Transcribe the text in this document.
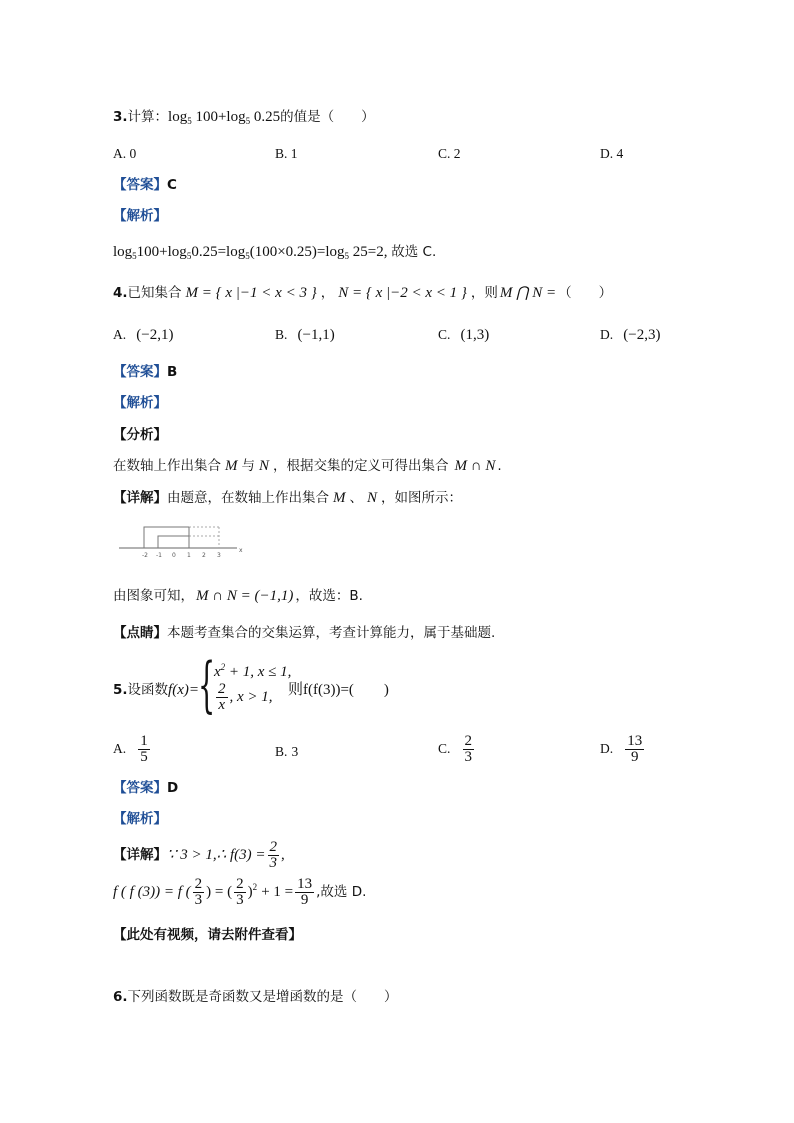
3.计算：$\log_5 100+\log_5$ 0.25的值是（　　）
A. 0	B. 1	C. 2	D. 4
【答案】C
【解析】
$\log_5100+\log_50.25=\log_5(100\times 0.25)=\log_5$ 25=2, 故选 C.
4.已知集合 M = { x |−1 < x < 3 } ， N = { x |−2 < x < 1 } ，则 M ⋂ N = （　　）
A. (−2,1)	B. (−1,1)	C. (1,3)	D. (−2,3)
【答案】B
【解析】
【分析】
在数轴上作出集合 M 与 N ，根据交集的定义可得出集合 M ∩ N .
【详解】由题意，在数轴上作出集合 M 、 N ，如图所示：
-2 -1 0 1 2 3
x
由图象可知， M ∩ N = (−1,1) ，故选：B.
【点睛】本题考查集合的交集运算，考查计算能力，属于基础题.
5.设函数f(x)= {
$x^2 + 1$, x ≤ 1,
$\frac{2}{x}$ , x > 1, 则f(f(3))=(　　)
A. $\frac{1}{5}$	B. 3	C. $\frac{2}{3}$	D. $\frac{13}{9}$
【答案】D
【解析】
【详解】∵ 3 > 1,∴ $f(3) = \frac{2}{3}$ ,
f ( f (3)) = f ( $\frac{2}{3}$ ) = ( $\frac{2}{3} )^2 + 1 = \frac{13}{9}$ ,故选 D.
【此处有视频，请去附件查看】
6.下列函数既是奇函数又是增函数的是（　　）
